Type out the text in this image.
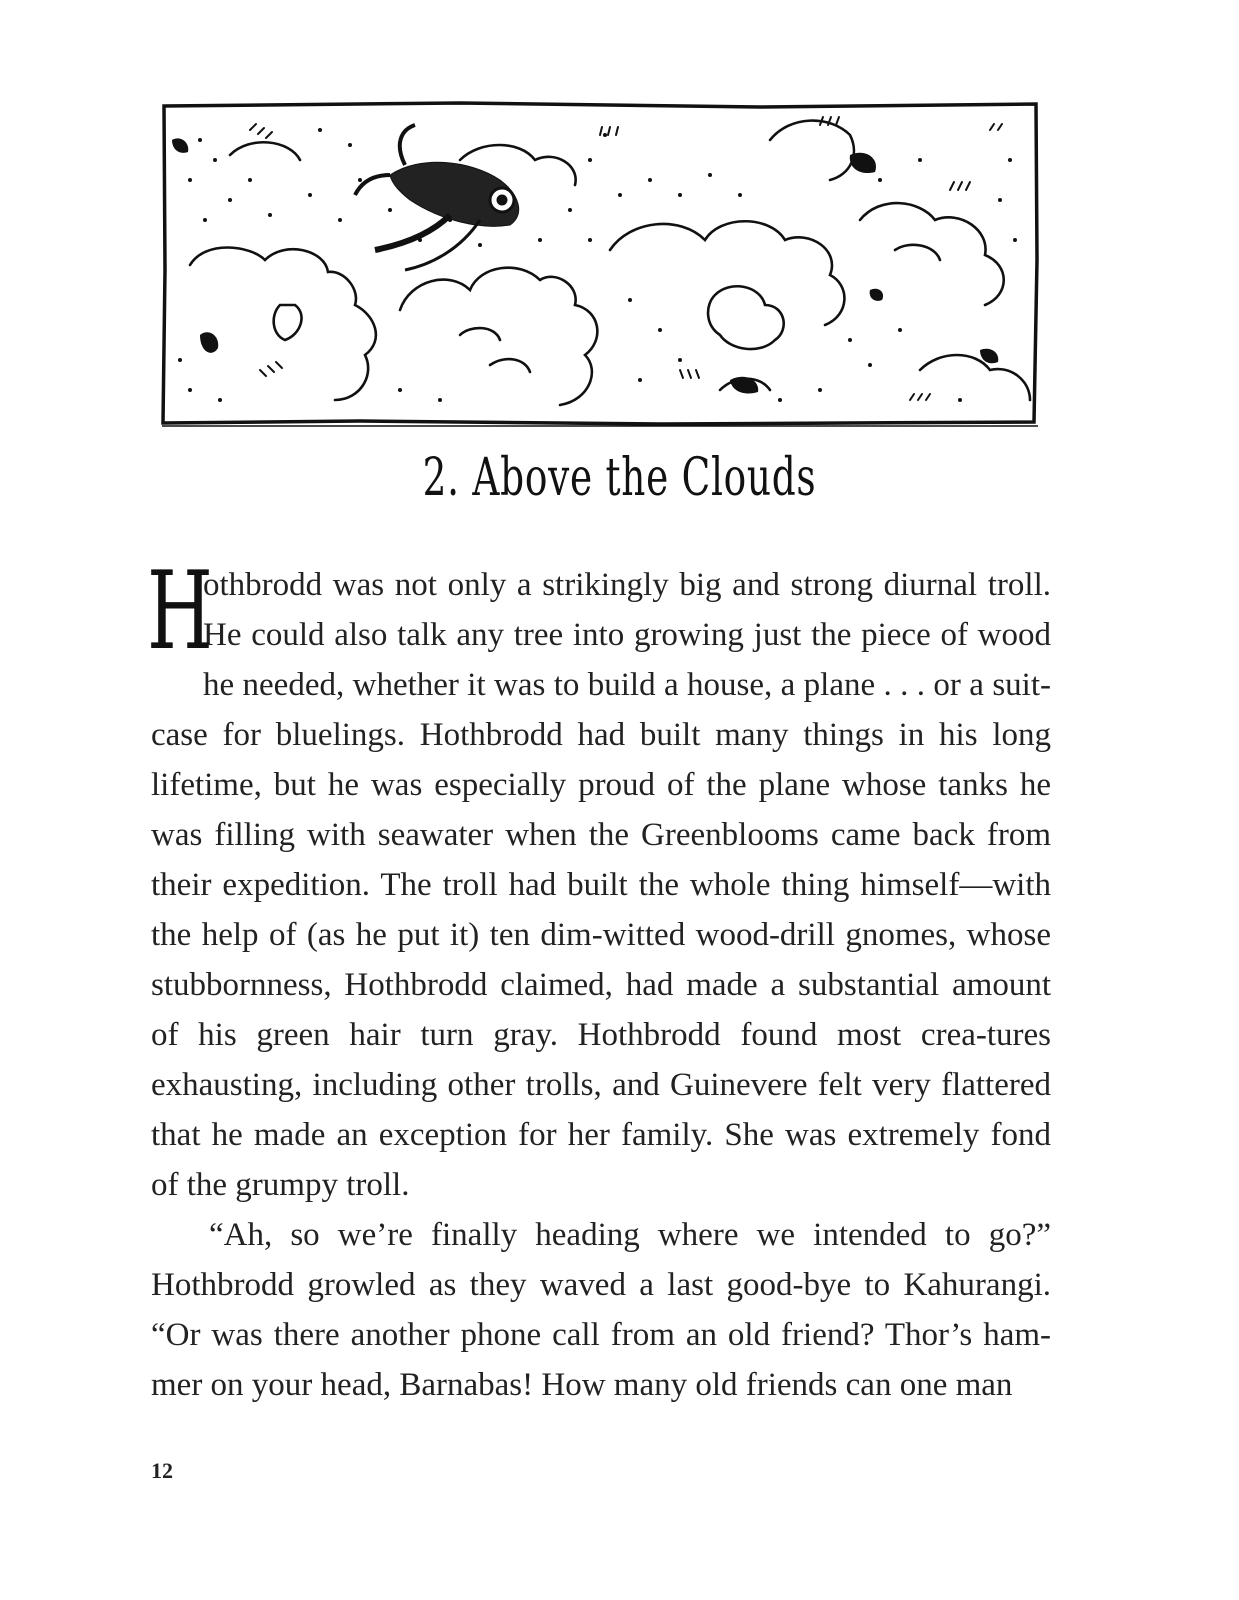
2. Above the Clouds

H
othbrodd was not only a strikingly big and strong diurnal troll. He could also talk any tree into growing just the piece of wood he needed, whether it was to build a house, a plane . . . or a suit-case for bluelings. Hothbrodd had built many things in his long lifetime, but he was especially proud of the plane whose tanks he was filling with seawater when the Greenblooms came back from their expedition. The troll had built the whole thing himself—with the help of (as he put it) ten dim-witted wood-drill gnomes, whose stubbornness, Hothbrodd claimed, had made a substantial amount of his green hair turn gray. Hothbrodd found most crea-tures exhausting, including other trolls, and Guinevere felt very flattered that he made an exception for her family. She was extremely fond of the grumpy troll.

“Ah, so we’re finally heading where we intended to go?” Hothbrodd growled as they waved a last good-bye to Kahurangi. “Or was there another phone call from an old friend? Thor’s ham-mer on your head, Barnabas! How many old friends can one man

12
